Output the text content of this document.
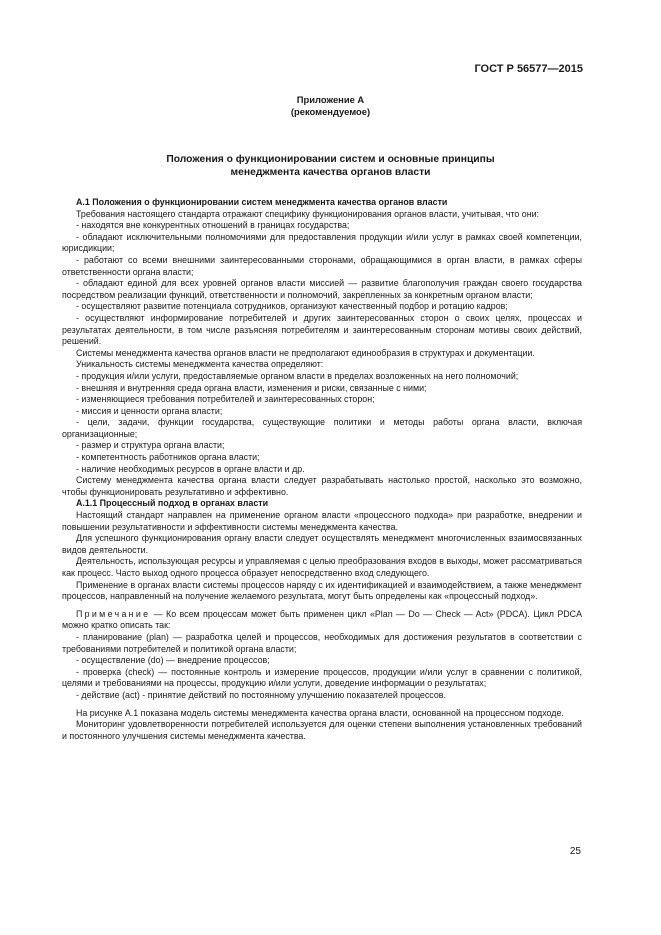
ГОСТ Р 56577—2015
Приложение А
(рекомендуемое)
Положения о функционировании систем и основные принципы
менеджмента качества органов власти

А.1 Положения о функционировании систем менеджмента качества органов власти

Требования настоящего стандарта отражают специфику функционирования органов власти, учитывая, что они:

- находятся вне конкурентных отношений в границах государства;

- обладают исключительными полномочиями для предоставления продукции и/или услуг в рамках своей компетенции, юрисдикции;

- работают со всеми внешними заинтересованными сторонами, обращающимися в орган власти, в рамках сферы ответственности органа власти;

- обладают единой для всех уровней органов власти миссией — развитие благополучия граждан своего государства посредством реализации функций, ответственности и полномочий, закрепленных за конкретным органом власти;

- осуществляют развитие потенциала сотрудников, организуют качественный подбор и ротацию кадров;

- осуществляют информирование потребителей и других заинтересованных сторон о своих целях, процессах и результатах деятельности, в том числе разъясняя потребителям и заинтересованным сторонам мотивы своих действий, решений.

Системы менеджмента качества органов власти не предполагают единообразия в структурах и документации.

Уникальность системы менеджмента качества определяют:

- продукция и/или услуги, предоставляемые органом власти в пределах возложенных на него полномочий;

- внешняя и внутренняя среда органа власти, изменения и риски, связанные с ними;

- изменяющиеся требования потребителей и заинтересованных сторон;

- миссия и ценности органа власти;

- цели, задачи, функции государства, существующие политики и методы работы органа власти, включая организационные;

- размер и структура органа власти;

- компетентность работников органа власти;

- наличие необходимых ресурсов в органе власти и др.

Систему менеджмента качества органа власти следует разрабатывать настолько простой, насколько это возможно, чтобы функционировать результативно и эффективно.

А.1.1 Процессный подход в органах власти

Настоящий стандарт направлен на применение органом власти «процессного подхода» при разработке, внедрении и повышении результативности и эффективности системы менеджмента качества.

Для успешного функционирования органу власти следует осуществлять менеджмент многочисленных взаимосвязанных видов деятельности.

Деятельность, использующая ресурсы и управляемая с целью преобразования входов в выходы, может рассматриваться как процесс. Часто выход одного процесса образует непосредственно вход следующего.

Применение в органах власти системы процессов наряду с их идентификацией и взаимодействием, а также менеджмент процессов, направленный на получение желаемого результата, могут быть определены как «процессный подход».

Примечание — Ко всем процессам может быть применен цикл «Plan — Do — Check — Act» (PDCA). Цикл PDCA можно кратко описать так:

- планирование (plan) — разработка целей и процессов, необходимых для достижения результатов в соответствии с требованиями потребителей и политикой органа власти;

- осуществление (do) — внедрение процессов;

- проверка (check) — постоянные контроль и измерение процессов, продукции и/или услуг в сравнении с политикой, целями и требованиями на процессы, продукцию и/или услуги, доведение информации о результатах;

- действие (act) - принятие действий по постоянному улучшению показателей процессов.

На рисунке А.1 показана модель системы менеджмента качества органа власти, основанной на процессном подходе.

Мониторинг удовлетворенности потребителей используется для оценки степени выполнения установленных требований и постоянного улучшения системы менеджмента качества.

25
